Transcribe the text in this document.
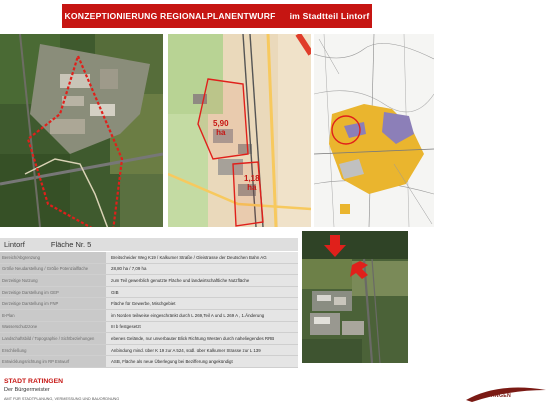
KONZEPTIONIERUNG REGIONALPLANENTWURF im Stadtteil Lintorf
5,90
ha
1,18
ha
Lintorf	Fläche Nr. 5
Bereich/Abgrenzung	Breitscheider Weg K19 / Kalkumer Straße / Gleistrasse der Deutschen Bahn AG
Größe Neudarstellung / Größe Potenzialfläche	28,80 ha / 7,09 ha
Derzeitige Nutzung	zum Teil gewerblich genutzte Fläche und landwirtschaftliche Nutzfläche
Derzeitige Darstellung im GEP	GIB
Derzeitige Darstellung im FNP	Fläche für Gewerbe, Mischgebiet
B-Plan	im Norden teilweise eingeschränkt durch L 269,Teil A und L 269 A , 1.Änderung
Wasserschutzzone	III b festgesetzt
Landschaftsbild / Topographie / Sichtbeziehungen	ebenes Gelände, nur unverbauter Blick Richtung Westen durch naheliegendes RRB
Erschließung	Anbindung mind. über K 19 zur A 524, südl. über Kalkumer Strasse zur L 139
Entwicklungsrichtung im RP Entwurf	ASB, Fläche als neue Überlegung bei Bezifferung angekündigt
STADT RATINGEN
Der Bürgermeister
AMT FÜR STADTPLANUNG, VERMESSUNG UND BAUORDNUNG	RATINGEN
